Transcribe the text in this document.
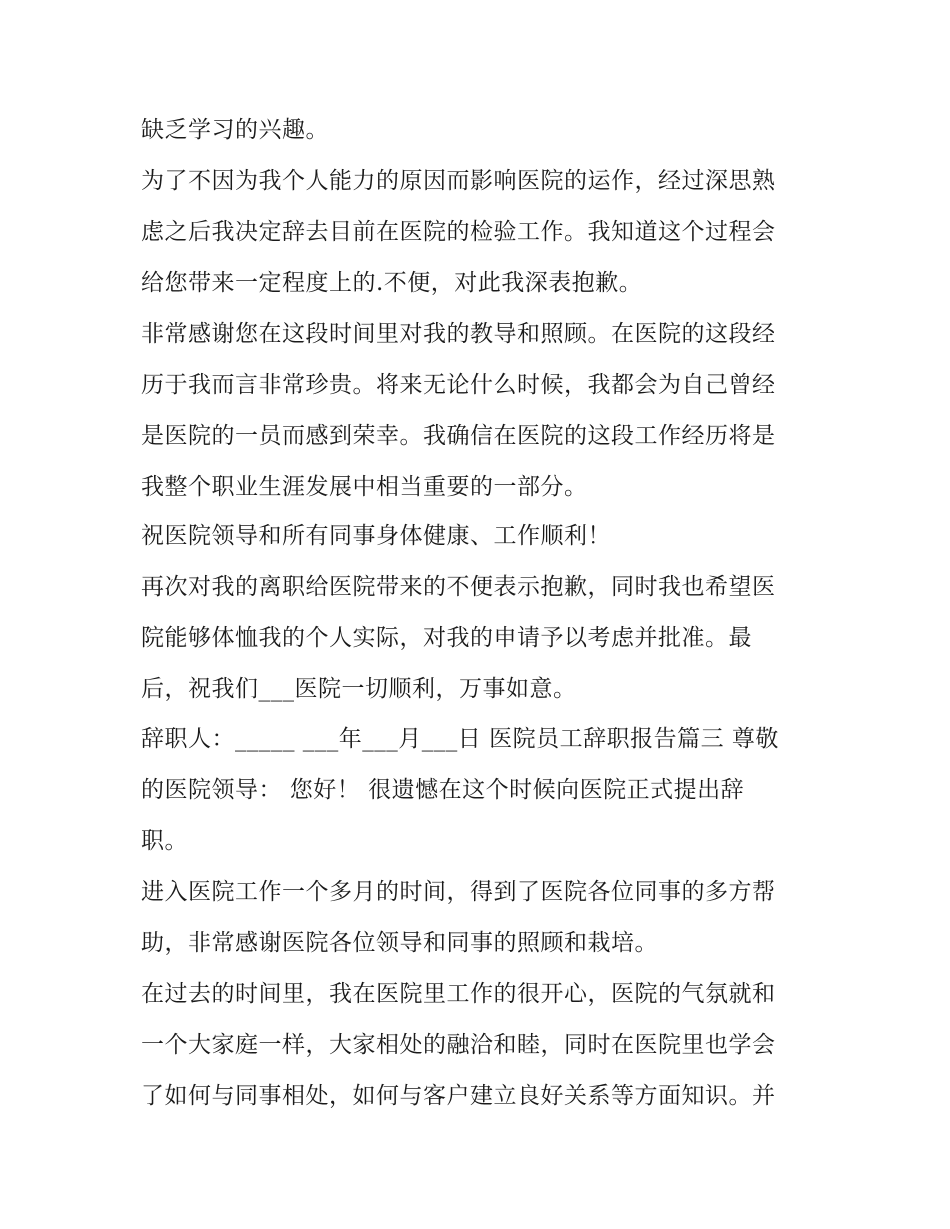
缺乏学习的兴趣。
为了不因为我个人能力的原因而影响医院的运作，经过深思熟
虑之后我决定辞去目前在医院的检验工作。我知道这个过程会
给您带来一定程度上的.不便，对此我深表抱歉。
非常感谢您在这段时间里对我的教导和照顾。在医院的这段经
历于我而言非常珍贵。将来无论什么时候，我都会为自己曾经
是医院的一员而感到荣幸。我确信在医院的这段工作经历将是
我整个职业生涯发展中相当重要的一部分。
祝医院领导和所有同事身体健康、工作顺利！
再次对我的离职给医院带来的不便表示抱歉，同时我也希望医
院能够体恤我的个人实际，对我的申请予以考虑并批准。最
后，祝我们___医院一切顺利，万事如意。
辞职人：_____ ___年___月___日 医院员工辞职报告篇三 尊敬
的医院领导： 您好！ 很遗憾在这个时候向医院正式提出辞
职。
进入医院工作一个多月的时间，得到了医院各位同事的多方帮
助，非常感谢医院各位领导和同事的照顾和栽培。
在过去的时间里，我在医院里工作的很开心，医院的气氛就和
一个大家庭一样，大家相处的融洽和睦，同时在医院里也学会
了如何与同事相处，如何与客户建立良好关系等方面知识。并
